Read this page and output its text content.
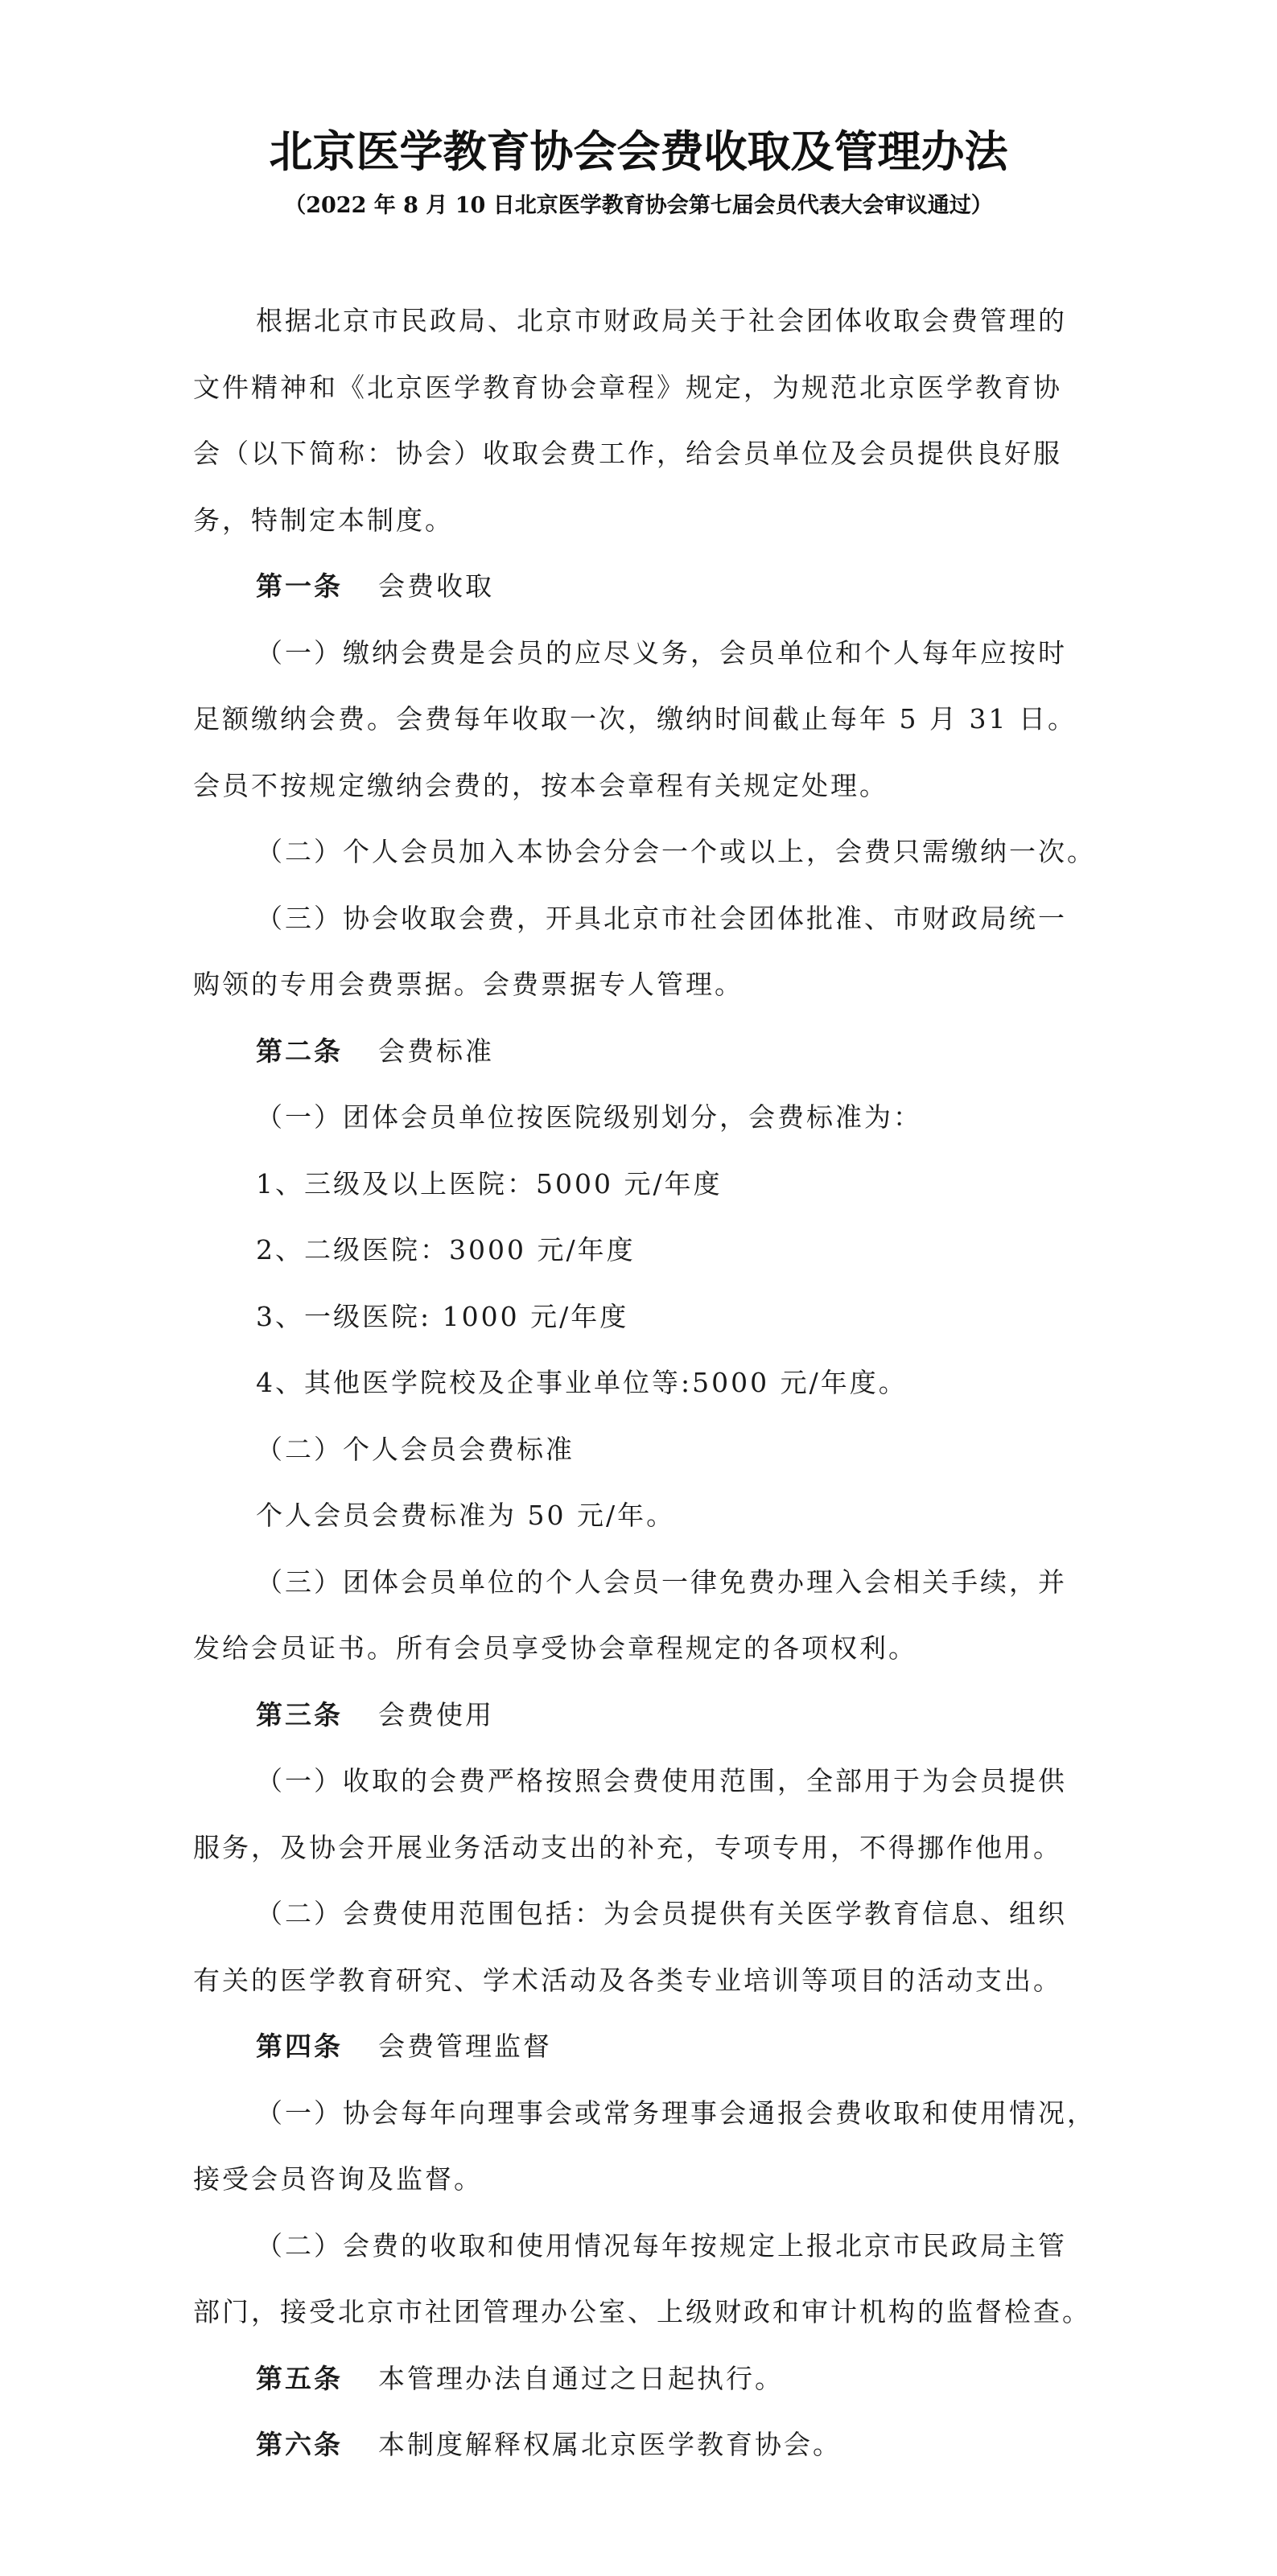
北京医学教育协会会费收取及管理办法
（2022 年 8 月 10 日北京医学教育协会第七届会员代表大会审议通过）
根据北京市民政局、北京市财政局关于社会团体收取会费管理的
文件精神和《北京医学教育协会章程》规定，为规范北京医学教育协
会（以下简称：协会）收取会费工作，给会员单位及会员提供良好服
务，特制定本制度。
第一条 会费收取
（一）缴纳会费是会员的应尽义务，会员单位和个人每年应按时
足额缴纳会费。会费每年收取一次，缴纳时间截止每年 5 月 31 日。
会员不按规定缴纳会费的，按本会章程有关规定处理。
（二）个人会员加入本协会分会一个或以上，会费只需缴纳一次。
（三）协会收取会费，开具北京市社会团体批准、市财政局统一
购领的专用会费票据。会费票据专人管理。
第二条 会费标准
（一）团体会员单位按医院级别划分，会费标准为：
1、三级及以上医院：5000 元/年度
2、二级医院：3000 元/年度
3、一级医院: 1000 元/年度
4、其他医学院校及企事业单位等:5000 元/年度。
（二）个人会员会费标准
个人会员会费标准为 50 元/年。
（三）团体会员单位的个人会员一律免费办理入会相关手续，并
发给会员证书。所有会员享受协会章程规定的各项权利。
第三条 会费使用
（一）收取的会费严格按照会费使用范围，全部用于为会员提供
服务，及协会开展业务活动支出的补充，专项专用，不得挪作他用。
（二）会费使用范围包括：为会员提供有关医学教育信息、组织
有关的医学教育研究、学术活动及各类专业培训等项目的活动支出。
第四条 会费管理监督
（一）协会每年向理事会或常务理事会通报会费收取和使用情况，
接受会员咨询及监督。
（二）会费的收取和使用情况每年按规定上报北京市民政局主管
部门，接受北京市社团管理办公室、上级财政和审计机构的监督检查。
第五条 本管理办法自通过之日起执行。
第六条 本制度解释权属北京医学教育协会。
